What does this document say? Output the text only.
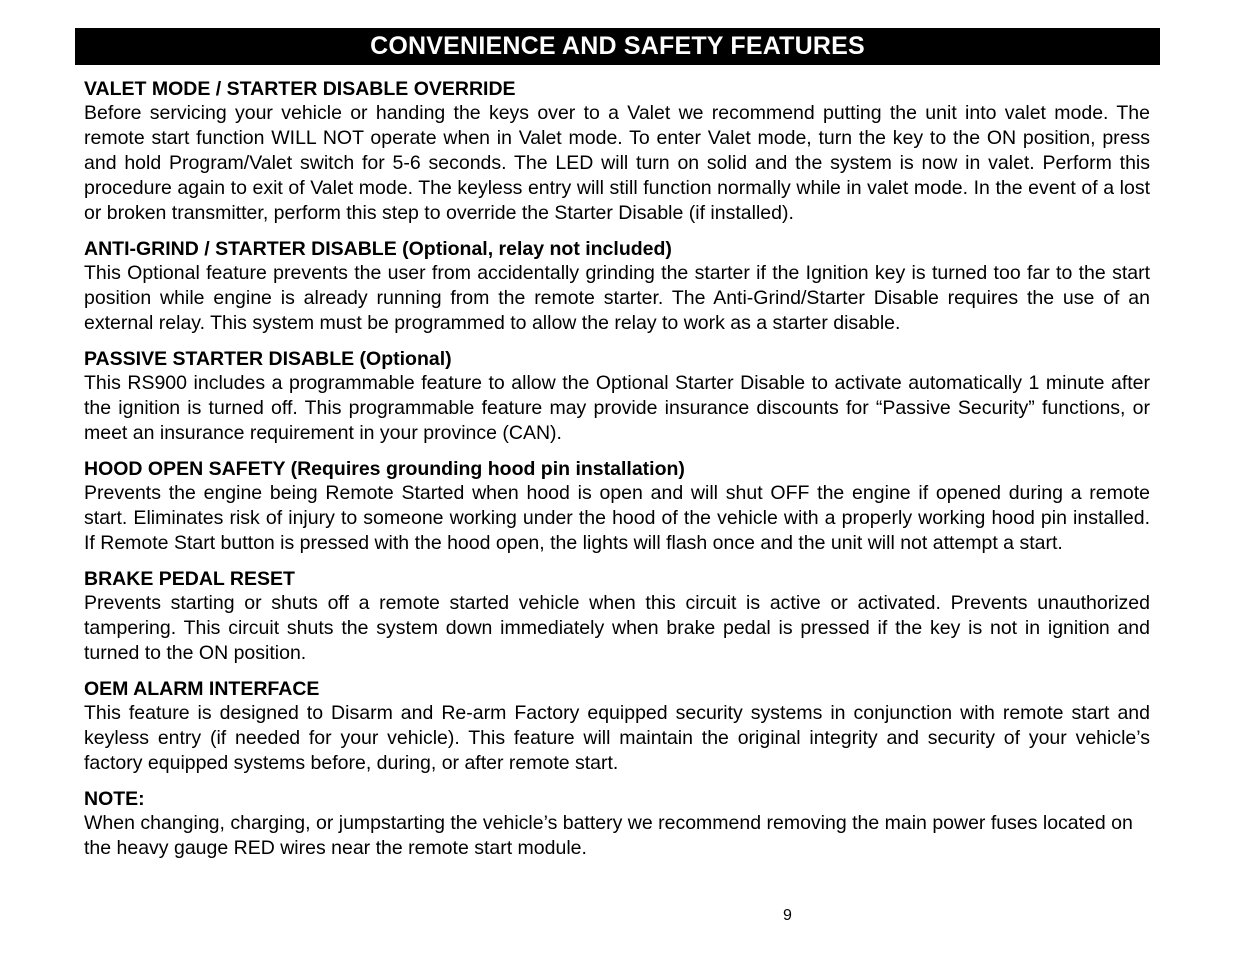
CONVENIENCE AND SAFETY FEATURES
VALET MODE / STARTER DISABLE OVERRIDE

Before servicing your vehicle or handing the keys over to a Valet we recommend putting the unit into valet mode. The remote start function WILL NOT operate when in Valet mode. To enter Valet mode, turn the key to the ON position, press and hold Program/Valet switch for 5-6 seconds. The LED will turn on solid and the system is now in valet. Perform this procedure again to exit of Valet mode. The keyless entry will still function normally while in valet mode. In the event of a lost or broken transmitter, perform this step to override the Starter Disable (if installed).

ANTI-GRIND / STARTER DISABLE (Optional, relay not included)

This Optional feature prevents the user from accidentally grinding the starter if the Ignition key is turned too far to the start position while engine is already running from the remote starter. The Anti-Grind/Starter Disable requires the use of an external relay. This system must be programmed to allow the relay to work as a starter disable.

PASSIVE STARTER DISABLE (Optional)

This RS900 includes a programmable feature to allow the Optional Starter Disable to activate automatically 1 minute after the ignition is turned off. This programmable feature may provide insurance discounts for “Passive Security” functions, or meet an insurance requirement in your province (CAN).

HOOD OPEN SAFETY (Requires grounding hood pin installation)

Prevents the engine being Remote Started when hood is open and will shut OFF the engine if opened during a remote start. Eliminates risk of injury to someone working under the hood of the vehicle with a properly working hood pin installed. If Remote Start button is pressed with the hood open, the lights will flash once and the unit will not attempt a start.

BRAKE PEDAL RESET

Prevents starting or shuts off a remote started vehicle when this circuit is active or activated. Prevents unauthorized tampering. This circuit shuts the system down immediately when brake pedal is pressed if the key is not in ignition and turned to the ON position.

OEM ALARM INTERFACE

This feature is designed to Disarm and Re-arm Factory equipped security systems in conjunction with remote start and keyless entry (if needed for your vehicle). This feature will maintain the original integrity and security of your vehicle’s factory equipped systems before, during, or after remote start.

NOTE:

When changing, charging, or jumpstarting the vehicle’s battery we recommend removing the main power fuses located on the heavy gauge RED wires near the remote start module.

9
